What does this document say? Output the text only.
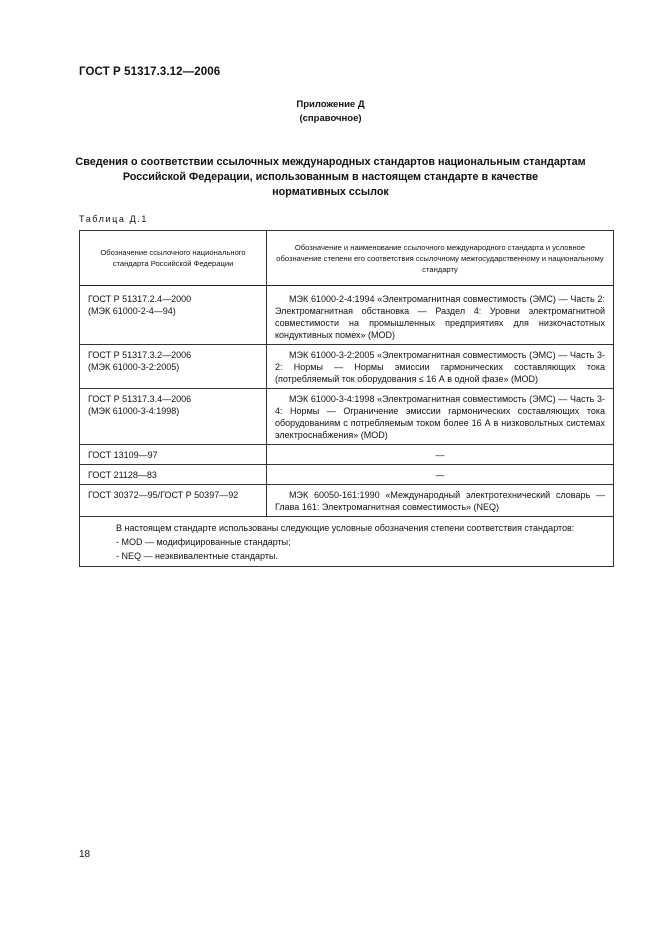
ГОСТ Р 51317.3.12—2006
Приложение Д
(справочное)
Сведения о соответствии ссылочных международных стандартов национальным стандартам
Российской Федерации, использованным в настоящем стандарте в качестве
нормативных ссылок
Таблица Д.1
Обозначение ссылочного национального стандарта Российской Федерации	Обозначение и наименование ссылочного международного стандарта и условное обозначение степени его соответствия ссылочному межгосударственному и национальному стандарту

ГОСТ Р 51317.2.4—2000
(МЭК 61000-2-4—94)	МЭК 61000-2-4:1994 «Электромагнитная совместимость (ЭМС) — Часть 2: Электромагнитная обстановка — Раздел 4: Уровни электромагнитной совместимости на промышленных предприятиях для низкочастотных кондуктивных помех» (MOD)

ГОСТ Р 51317.3.2—2006
(МЭК 61000-3-2:2005)	МЭК 61000-3-2:2005 «Электромагнитная совместимость (ЭМС) — Часть 3-2: Нормы — Нормы эмиссии гармонических составляющих тока (потребляемый ток оборудования ≤ 16 А в одной фазе» (MOD)

ГОСТ Р 51317.3.4—2006
(МЭК 61000-3-4:1998)	МЭК 61000-3-4:1998 «Электромагнитная совместимость (ЭМС) — Часть 3-4: Нормы — Ограничение эмиссии гармонических составляющих тока оборудованиям с потребляемым током более 16 А в низковольтных системах электроснабжения» (MOD)

ГОСТ 13109—97	—

ГОСТ 21128—83	—

ГОСТ 30372—95/ГОСТ Р 50397—92	МЭК 60050-161:1990 «Международный электротехнический словарь — Глава 161: Электромагнитная совместимость» (NEQ)

В настоящем стандарте использованы следующие условные обозначения степени соответствия стандартов:
- MOD — модифицированные стандарты;
- NEQ — неэквивалентные стандарты.	
18
